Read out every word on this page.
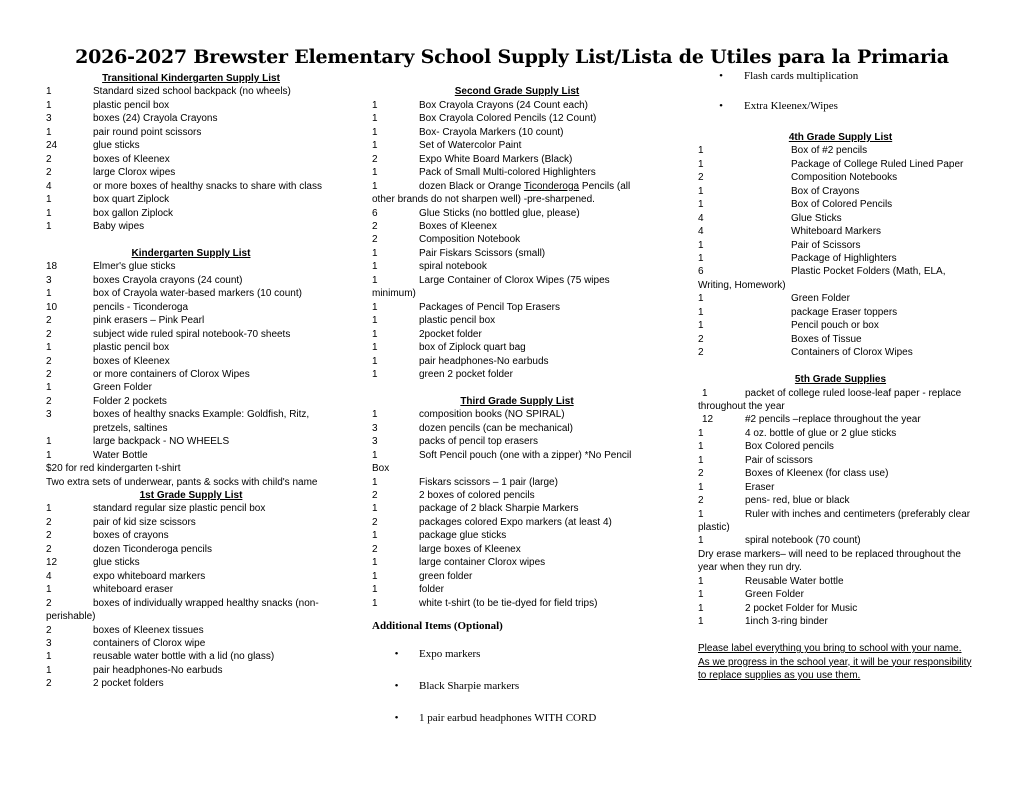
2026-2027 Brewster Elementary School Supply List/Lista de Utiles para la Primaria
Transitional Kindergarten Supply List
1	Standard sized school backpack (no wheels)
1	plastic pencil box
3	boxes (24) Crayola Crayons
1	pair round point scissors
24	glue sticks
2	boxes of Kleenex
2	large Clorox wipes
4	or more boxes of healthy snacks to share with class
1	box quart Ziplock
1	box gallon Ziplock
1	Baby wipes
Kindergarten Supply List
18	Elmer's glue sticks
3	boxes Crayola crayons (24 count)
1	box of Crayola water-based markers (10 count)
10	pencils - Ticonderoga
2	pink erasers – Pink Pearl
2	subject wide ruled spiral notebook-70 sheets
1	plastic pencil box
2	boxes of Kleenex
2	or more containers of Clorox Wipes
1	Green Folder
2	Folder 2 pockets
3	boxes of healthy snacks Example: Goldfish, Ritz, pretzels, saltines
1	large backpack - NO WHEELS
1	Water Bottle
$20 for red kindergarten t-shirt
Two extra sets of underwear, pants & socks with child's name
1st Grade Supply List
1	standard regular size plastic pencil box
2	pair of kid size scissors
2	boxes of crayons
2	dozen Ticonderoga pencils
12	glue sticks
4	expo whiteboard markers
1	whiteboard eraser
2	boxes of individually wrapped healthy snacks (non-
perishable)
2	boxes of Kleenex tissues
3	containers of Clorox wipe
1	reusable water bottle with a lid (no glass)
1	pair headphones-No earbuds
2	2 pocket folders
Second Grade Supply List
1	Box Crayola Crayons (24 Count each)
1	Box Crayola Colored Pencils (12 Count)
1	Box- Crayola Markers (10 count)
1	Set of Watercolor Paint
2	Expo White Board Markers (Black)
1	Pack of Small Multi-colored Highlighters
1	dozen Black or Orange Ticonderoga Pencils (all
other brands do not sharpen well) -pre-sharpened.
6	Glue Sticks (no bottled glue, please)
2	Boxes of Kleenex
2	Composition Notebook
1	Pair Fiskars Scissors (small)
1	spiral notebook
1	Large Container of Clorox Wipes (75 wipes
minimum)
1	Packages of Pencil Top Erasers
1	plastic pencil box
1	2pocket folder
1	box of Ziplock quart bag
1	pair headphones-No earbuds
1	green 2 pocket folder
Third Grade Supply List
1	composition books (NO SPIRAL)
3	dozen pencils (can be mechanical)
3	packs of pencil top erasers
1	Soft Pencil pouch (one with a zipper) *No Pencil
Box
1	Fiskars scissors – 1 pair (large)
2	2 boxes of colored pencils
1	package of 2 black Sharpie Markers
2	packages colored Expo markers (at least 4)
1	package glue sticks
2	large boxes of Kleenex
1	large container Clorox wipes
1	green folder
1	folder
1	white t-shirt (to be tie-dyed for field trips)
Additional Items (Optional)
•	Expo markers
•	Black Sharpie markers
•	1 pair earbud headphones WITH CORD
•	Flash cards multiplication
•	Extra Kleenex/Wipes
4th Grade Supply List
1	Box of #2 pencils
1	Package of College Ruled Lined Paper
2	Composition Notebooks
1	Box of Crayons
1	Box of Colored Pencils
4	Glue Sticks
4	Whiteboard Markers
1	Pair of Scissors
1	Package of Highlighters
6	Plastic Pocket Folders (Math, ELA,
Writing, Homework)
1	Green Folder
1	package Eraser toppers
1	Pencil pouch or box
2	Boxes of Tissue
2	Containers of Clorox Wipes
5th Grade Supplies
1	packet of college ruled loose-leaf paper - replace
throughout the year
12	#2 pencils –replace throughout the year
1	4 oz. bottle of glue or 2 glue sticks
1	Box Colored pencils
1	Pair of scissors
2	Boxes of Kleenex (for class use)
1	Eraser
2	pens- red, blue or black
1	Ruler with inches and centimeters (preferably clear
plastic)
1	spiral notebook (70 count)
Dry erase markers– will need to be replaced throughout the
year when they run dry.
1	Reusable Water bottle
1	Green Folder
1	2 pocket Folder for Music
1	1inch 3-ring binder
Please label everything you bring to school with your name.
As we progress in the school year, it will be your responsibility
to replace supplies as you use them.
